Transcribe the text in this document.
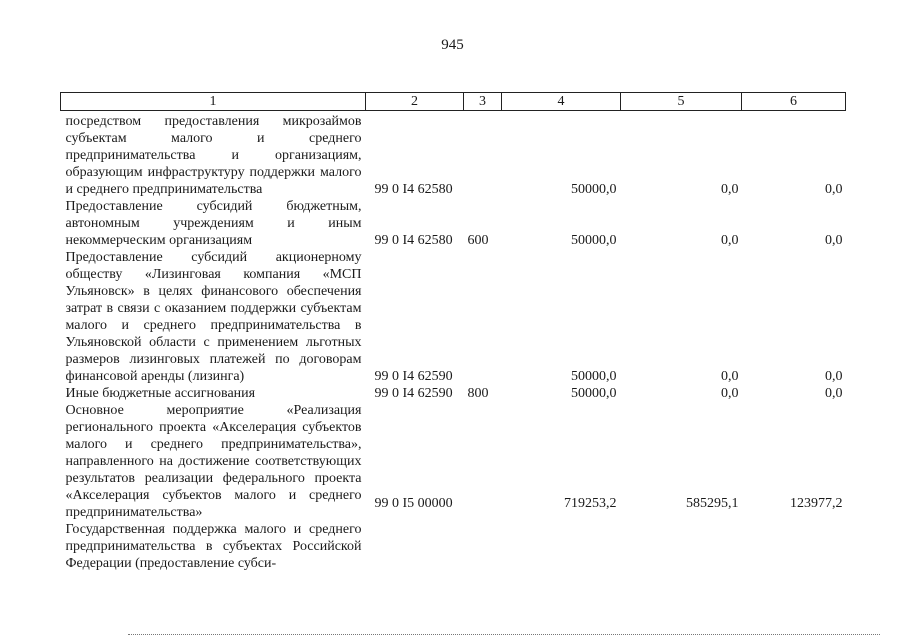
945
1	2	3	4	5	6
посредством предоставления микрозаймов субъектам малого и среднего предпринимательства и организациям, образующим инфраструктуру поддержки малого и среднего предпринимательства	99 0 I4 62580		50000,0	0,0	0,0
Предоставление субсидий бюджетным, автономным учреждениям и иным некоммерческим организациям	99 0 I4 62580	600	50000,0	0,0	0,0
Предоставление субсидий акционерному обществу «Лизинговая компания «МСП Ульяновск» в целях финансового обеспечения затрат в связи с оказанием поддержки субъектам малого и среднего предпринимательства в Ульяновской области с применением льготных размеров лизинговых платежей по договорам финансовой аренды (лизинга)	99 0 I4 62590		50000,0	0,0	0,0
Иные бюджетные ассигнования	99 0 I4 62590	800	50000,0	0,0	0,0
Основное мероприятие «Реализация регионального проекта «Акселерация субъектов малого и среднего предпринимательства», направленного на достижение соответствующих результатов реализации федерального проекта «Акселерация субъектов малого и среднего предпринимательства»	99 0 I5 00000		719253,2	585295,1	123977,2
Государственная поддержка малого и среднего предпринимательства в субъектах Российской Федерации (предоставление субси-					
